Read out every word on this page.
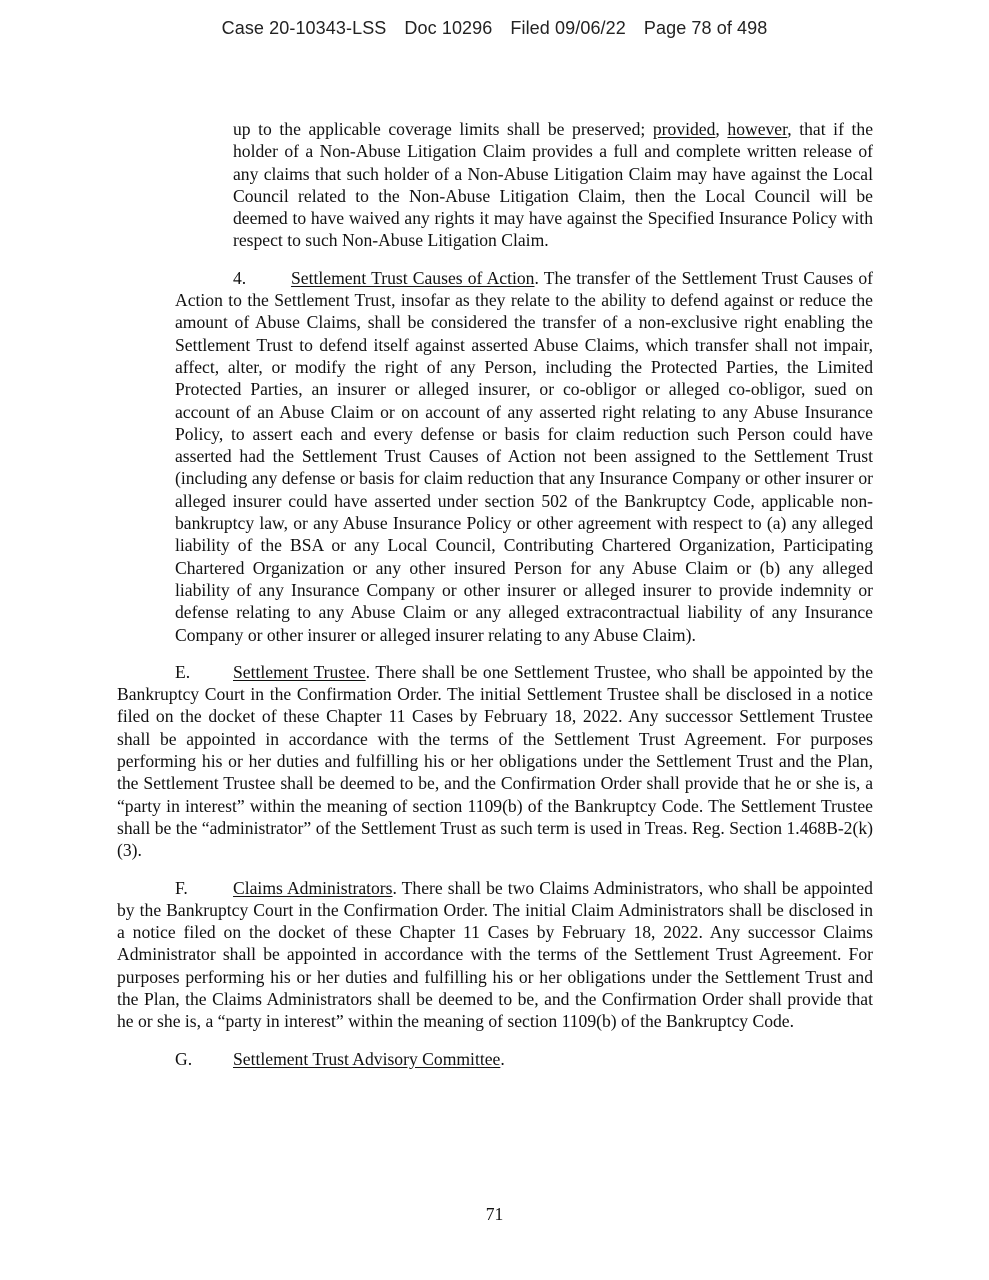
Case 20-10343-LSS Doc 10296 Filed 09/06/22 Page 78 of 498

up to the applicable coverage limits shall be preserved; provided, however, that if the holder of a Non-Abuse Litigation Claim provides a full and complete written release of any claims that such holder of a Non-Abuse Litigation Claim may have against the Local Council related to the Non-Abuse Litigation Claim, then the Local Council will be deemed to have waived any rights it may have against the Specified Insurance Policy with respect to such Non-Abuse Litigation Claim.

4.	Settlement Trust Causes of Action. The transfer of the Settlement Trust Causes of Action to the Settlement Trust, insofar as they relate to the ability to defend against or reduce the amount of Abuse Claims, shall be considered the transfer of a non-exclusive right enabling the Settlement Trust to defend itself against asserted Abuse Claims, which transfer shall not impair, affect, alter, or modify the right of any Person, including the Protected Parties, the Limited Protected Parties, an insurer or alleged insurer, or co-obligor or alleged co-obligor, sued on account of an Abuse Claim or on account of any asserted right relating to any Abuse Insurance Policy, to assert each and every defense or basis for claim reduction such Person could have asserted had the Settlement Trust Causes of Action not been assigned to the Settlement Trust (including any defense or basis for claim reduction that any Insurance Company or other insurer or alleged insurer could have asserted under section 502 of the Bankruptcy Code, applicable non-bankruptcy law, or any Abuse Insurance Policy or other agreement with respect to (a) any alleged liability of the BSA or any Local Council, Contributing Chartered Organization, Participating Chartered Organization or any other insured Person for any Abuse Claim or (b) any alleged liability of any Insurance Company or other insurer or alleged insurer to provide indemnity or defense relating to any Abuse Claim or any alleged extracontractual liability of any Insurance Company or other insurer or alleged insurer relating to any Abuse Claim).

E. Settlement Trustee. There shall be one Settlement Trustee, who shall be appointed by the Bankruptcy Court in the Confirmation Order. The initial Settlement Trustee shall be disclosed in a notice filed on the docket of these Chapter 11 Cases by February 18, 2022. Any successor Settlement Trustee shall be appointed in accordance with the terms of the Settlement Trust Agreement. For purposes performing his or her duties and fulfilling his or her obligations under the Settlement Trust and the Plan, the Settlement Trustee shall be deemed to be, and the Confirmation Order shall provide that he or she is, a “party in interest” within the meaning of section 1109(b) of the Bankruptcy Code. The Settlement Trustee shall be the “administrator” of the Settlement Trust as such term is used in Treas. Reg. Section 1.468B-2(k)(3).

F.	Claims Administrators. There shall be two Claims Administrators, who shall be appointed by the Bankruptcy Court in the Confirmation Order. The initial Claim Administrators shall be disclosed in a notice filed on the docket of these Chapter 11 Cases by February 18, 2022. Any successor Claims Administrator shall be appointed in accordance with the terms of the Settlement Trust Agreement. For purposes performing his or her duties and fulfilling his or her obligations under the Settlement Trust and the Plan, the Claims Administrators shall be deemed to be, and the Confirmation Order shall provide that he or she is, a “party in interest” within the meaning of section 1109(b) of the Bankruptcy Code.

G. Settlement Trust Advisory Committee.

71
